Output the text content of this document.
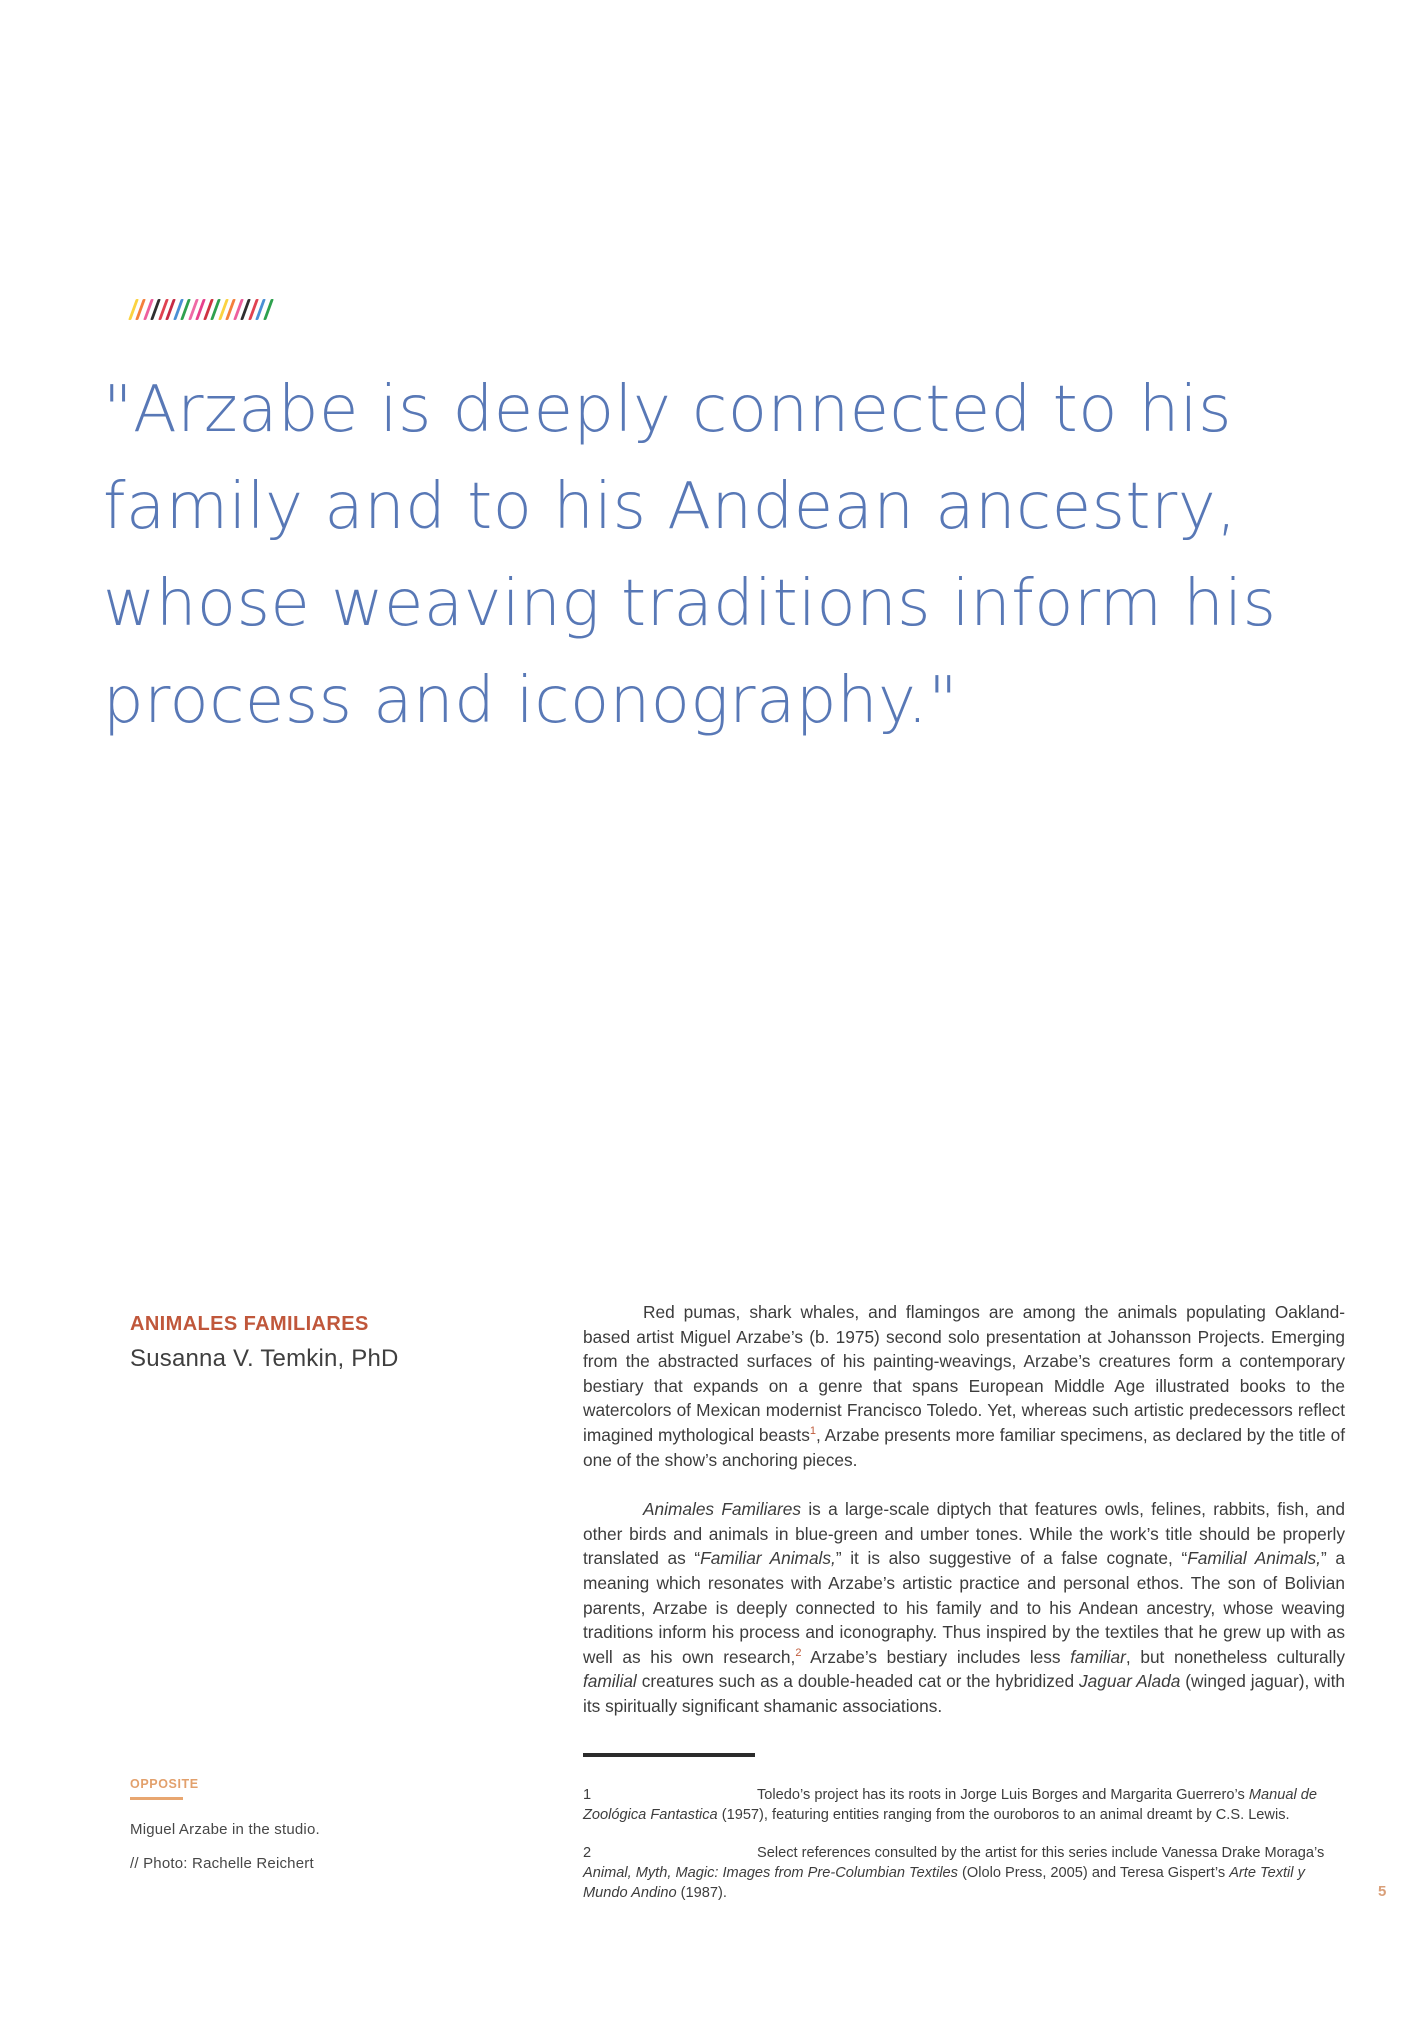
"Arzabe is deeply connected to his
family and to his Andean ancestry,
whose weaving traditions inform his
process and iconography."
ANIMALES FAMILIARES
Susanna V. Temkin, PhD

Red pumas, shark whales, and flamingos are among the animals populating Oakland-based artist Miguel Arzabe’s (b. 1975) second solo presentation at Johansson Projects. Emerging from the abstracted surfaces of his painting-weavings, Arzabe’s creatures form a contemporary bestiary that expands on a genre that spans European Middle Age illustrated books to the watercolors of Mexican modernist Francisco Toledo. Yet, whereas such artistic predecessors reflect imagined mythological beasts$^1$, Arzabe presents more familiar specimens, as declared by the title of one of the show’s anchoring pieces.

Animales Familiares is a large-scale diptych that features owls, felines, rabbits, fish, and other birds and animals in blue-green and umber tones. While the work’s title should be properly translated as “Familiar Animals,” it is also suggestive of a false cognate, “Familial Animals,” a meaning which resonates with Arzabe’s artistic practice and personal ethos. The son of Bolivian parents, Arzabe is deeply connected to his family and to his Andean ancestry, whose weaving traditions inform his process and iconography. Thus inspired by the textiles that he grew up with as well as his own research,$^2$ Arzabe’s bestiary includes less familiar, but nonetheless culturally familial creatures such as a double-headed cat or the hybridized Jaguar Alada (winged jaguar), with its spiritually significant shamanic associations.

1	Toledo’s project has its roots in Jorge Luis Borges and Margarita Guerrero’s Manual de Zoológica Fantastica (1957), featuring entities ranging from the ouroboros to an animal dreamt by C.S. Lewis.

2	Select references consulted by the artist for this series include Vanessa Drake Moraga’s Animal, Myth, Magic: Images from Pre-Columbian Textiles (Ololo Press, 2005) and Teresa Gispert’s Arte Textil y Mundo Andino (1987).

OPPOSITE
Miguel Arzabe in the studio.
// Photo: Rachelle Reichert
5
